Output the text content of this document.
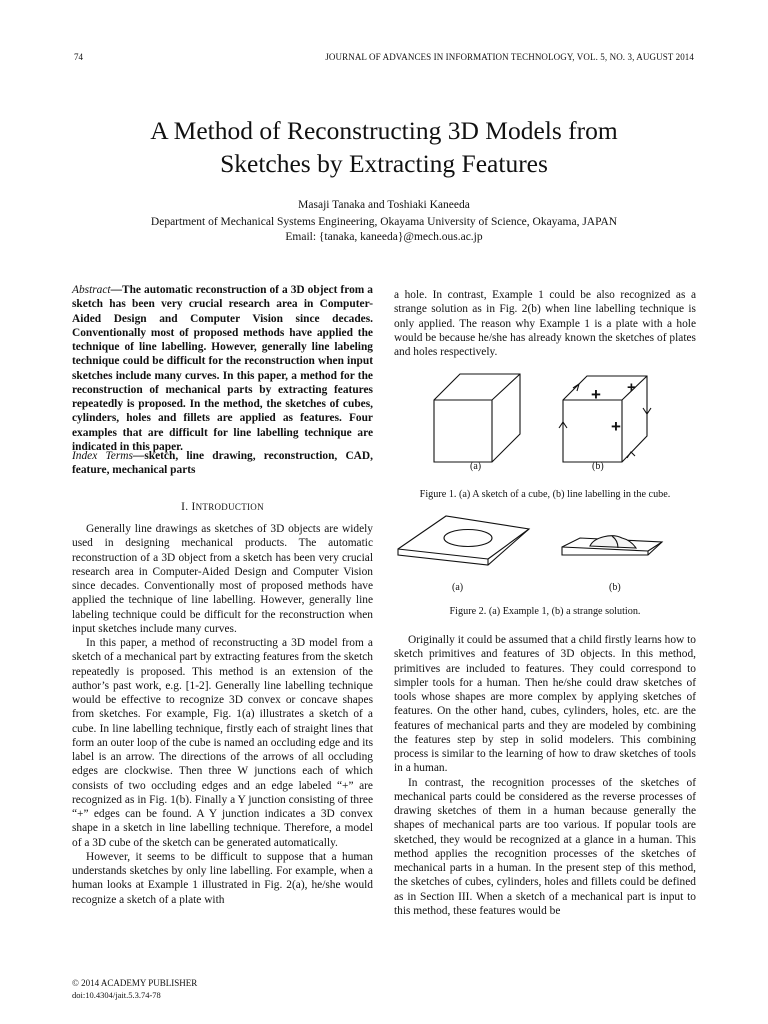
74	JOURNAL OF ADVANCES IN INFORMATION TECHNOLOGY, VOL. 5, NO. 3, AUGUST 2014
A Method of Reconstructing 3D Models from
Sketches by Extracting Features
Masaji Tanaka and Toshiaki Kaneeda
Department of Mechanical Systems Engineering, Okayama University of Science, Okayama, JAPAN
Email: {tanaka, kaneeda}@mech.ous.ac.jp
Abstract—The automatic reconstruction of a 3D object from a sketch has been very crucial research area in Computer-Aided Design and Computer Vision since decades. Conventionally most of proposed methods have applied the technique of line labelling. However, generally line labeling technique could be difficult for the reconstruction when input sketches include many curves. In this paper, a method for the reconstruction of mechanical parts by extracting features repeatedly is proposed. In the method, the sketches of cubes, cylinders, holes and fillets are applied as features. Four examples that are difficult for line labelling technique are indicated in this paper.
Index Terms—sketch, line drawing, reconstruction, CAD, feature, mechanical parts
I. INTRODUCTION

Generally line drawings as sketches of 3D objects are widely used in designing mechanical products. The automatic reconstruction of a 3D object from a sketch has been very crucial research area in Computer-Aided Design and Computer Vision since decades. Conventionally most of proposed methods have applied the technique of line labelling. However, generally line labeling technique could be difficult for the reconstruction when input sketches include many curves.

In this paper, a method of reconstructing a 3D model from a sketch of a mechanical part by extracting features from the sketch repeatedly is proposed. This method is an extension of the author’s past work, e.g. [1-2]. Generally line labelling technique would be effective to recognize 3D convex or concave shapes from sketches. For example, Fig. 1(a) illustrates a sketch of a cube. In line labelling technique, firstly each of straight lines that form an outer loop of the cube is named an occluding edge and its label is an arrow. The directions of the arrows of all occluding edges are clockwise. Then three W junctions each of which consists of two occluding edges and an edge labeled “+” are recognized as in Fig. 1(b). Finally a Y junction consisting of three “+” edges can be found. A Y junction indicates a 3D convex shape in a sketch in line labelling technique. Therefore, a model of a 3D cube of the sketch can be generated automatically.

However, it seems to be difficult to suppose that a human understands sketches by only line labelling. For example, when a human looks at Example 1 illustrated in Fig. 2(a), he/she would recognize a sketch of a plate with

a hole. In contrast, Example 1 could be also recognized as a strange solution as in Fig. 2(b) when line labelling technique is only applied. The reason why Example 1 is a plate with a hole would be because he/she has already known the sketches of plates and holes respectively.
+ +
+
(a)	(b)
Figure 1. (a) A sketch of a cube, (b) line labelling in the cube.
(a)	(b)
Figure 2. (a) Example 1, (b) a strange solution.

Originally it could be assumed that a child firstly learns how to sketch primitives and features of 3D objects. In this method, primitives are included to features. They could correspond to simpler tools for a human. Then he/she could draw sketches of tools whose shapes are more complex by applying sketches of features. On the other hand, cubes, cylinders, holes, etc. are the features of mechanical parts and they are modeled by combining the features step by step in solid modelers. This combining process is similar to the learning of how to draw sketches of tools in a human.

In contrast, the recognition processes of the sketches of mechanical parts could be considered as the reverse processes of drawing sketches of them in a human because generally the shapes of mechanical parts are too various. If popular tools are sketched, they would be recognized at a glance in a human. This method applies the recognition processes of the sketches of mechanical parts in a human. In the present step of this method, the sketches of cubes, cylinders, holes and fillets could be defined as in Section III. When a sketch of a mechanical part is input to this method, these features would be

© 2014 ACADEMY PUBLISHER
doi:10.4304/jait.5.3.74-78
